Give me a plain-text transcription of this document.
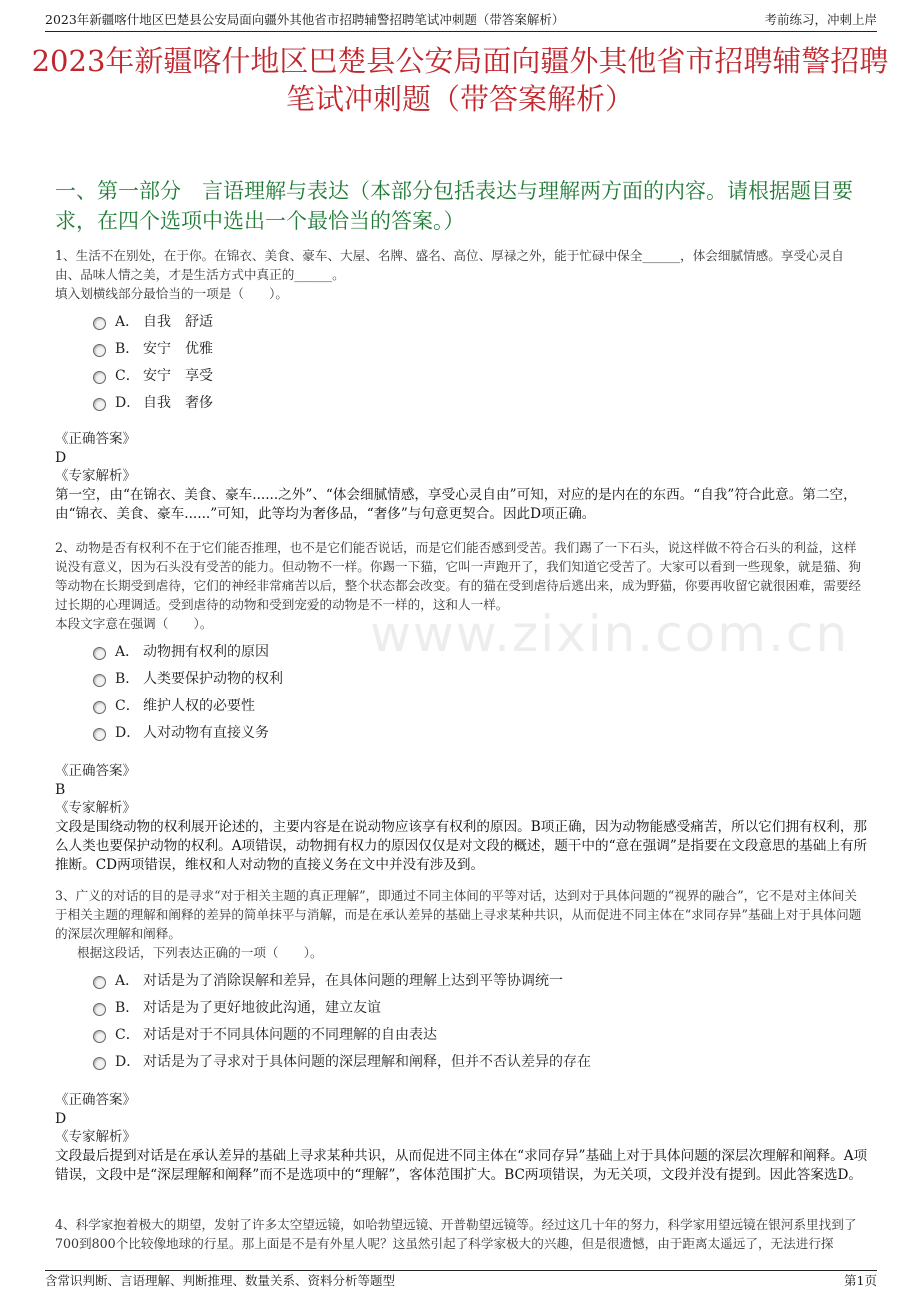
2023年新疆喀什地区巴楚县公安局面向疆外其他省市招聘辅警招聘笔试冲刺题（带答案解析）	考前练习，冲刺上岸
2023年新疆喀什地区巴楚县公安局面向疆外其他省市招聘辅警招聘笔试冲刺题（带答案解析）
一、第一部分　言语理解与表达（本部分包括表达与理解两方面的内容。请根据题目要求，在四个选项中选出一个最恰当的答案。）
www.zixin.com.cn

1、生活不在别处，在于你。在锦衣、美食、豪车、大屋、名牌、盛名、高位、厚禄之外，能于忙碌中保全______，体会细腻情感。享受心灵自由、品味人情之美，才是生活方式中真正的______。

填入划横线部分最恰当的一项是（　　）。

A． 自我　舒适
B． 安宁　优雅
C． 安宁　享受
D． 自我　奢侈
《正确答案》
D
《专家解析》
第一空，由“在锦衣、美食、豪车......之外”、“体会细腻情感，享受心灵自由”可知，对应的是内在的东西。“自我”符合此意。第二空，由“锦衣、美食、豪车......”可知，此等均为奢侈品，“奢侈”与句意更契合。因此D项正确。

2、动物是否有权利不在于它们能否推理，也不是它们能否说话，而是它们能否感到受苦。我们踢了一下石头，说这样做不符合石头的利益，这样说没有意义，因为石头没有受苦的能力。但动物不一样。你踢一下猫，它叫一声跑开了，我们知道它受苦了。大家可以看到一些现象，就是猫、狗等动物在长期受到虐待，它们的神经非常痛苦以后，整个状态都会改变。有的猫在受到虐待后逃出来，成为野猫，你要再收留它就很困难，需要经过长期的心理调适。受到虐待的动物和受到宠爱的动物是不一样的，这和人一样。

本段文字意在强调（　　）。

A． 动物拥有权利的原因
B． 人类要保护动物的权利
C． 维护人权的必要性
D． 人对动物有直接义务
《正确答案》
B
《专家解析》
文段是围绕动物的权利展开论述的，主要内容是在说动物应该享有权利的原因。B项正确，因为动物能感受痛苦，所以它们拥有权利，那么人类也要保护动物的权利。A项错误，动物拥有权力的原因仅仅是对文段的概述，题干中的“意在强调”是指要在文段意思的基础上有所推断。CD两项错误，维权和人对动物的直接义务在文中并没有涉及到。

3、广义的对话的目的是寻求“对于相关主题的真正理解”，即通过不同主体间的平等对话，达到对于具体问题的“视界的融合”，它不是对主体间关于相关主题的理解和阐释的差异的简单抹平与消解，而是在承认差异的基础上寻求某种共识，从而促进不同主体在“求同存异”基础上对于具体问题的深层次理解和阐释。

根据这段话，下列表达正确的一项（　　）。

A． 对话是为了消除误解和差异，在具体问题的理解上达到平等协调统一
B． 对话是为了更好地彼此沟通，建立友谊
C． 对话是对于不同具体问题的不同理解的自由表达
D． 对话是为了寻求对于具体问题的深层理解和阐释，但并不否认差异的存在
《正确答案》
D
《专家解析》
文段最后提到对话是在承认差异的基础上寻求某种共识，从而促进不同主体在“求同存异”基础上对于具体问题的深层次理解和阐释。A项错误，文段中是“深层理解和阐释”而不是选项中的“理解”，客体范围扩大。BC两项错误，为无关项，文段并没有提到。因此答案选D。

4、科学家抱着极大的期望，发射了许多太空望远镜，如哈勃望远镜、开普勒望远镜等。经过这几十年的努力，科学家用望远镜在银河系里找到了700到800个比较像地球的行星。那上面是不是有外星人呢？这虽然引起了科学家极大的兴趣，但是很遗憾，由于距离太遥远了，无法进行探

含常识判断、言语理解、判断推理、数量关系、资料分析等题型	第1页
